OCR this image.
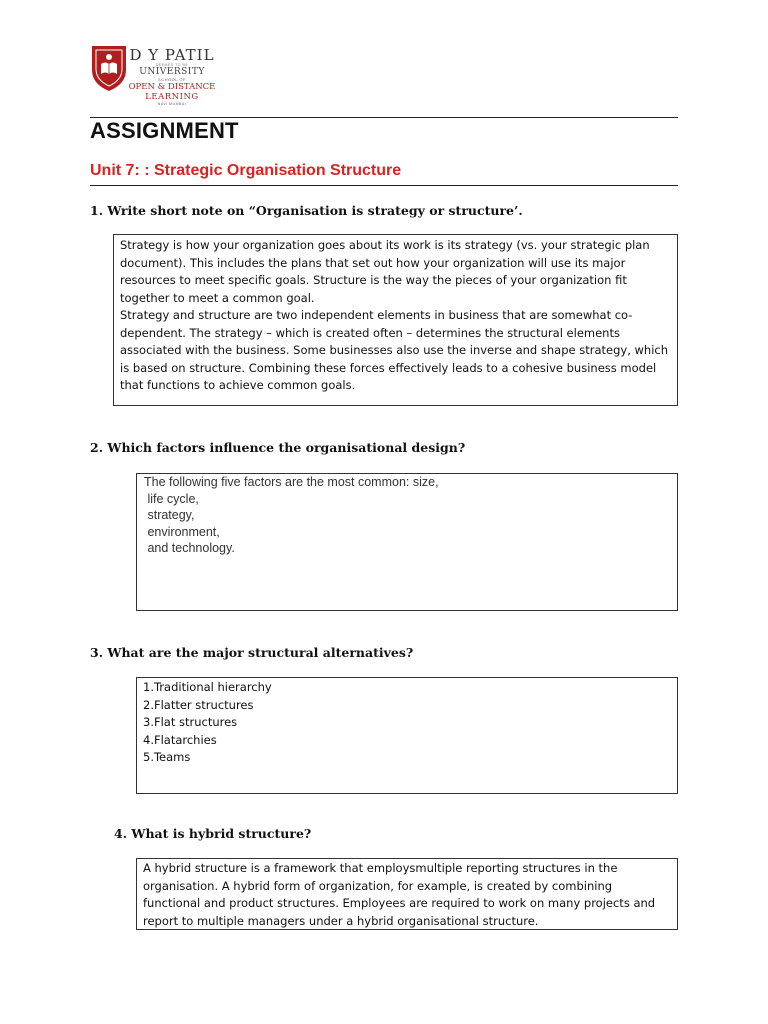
D Y PATIL
DEEMED TO BE
UNIVERSITY
SCHOOL OF
OPEN & DISTANCE
LEARNING
NAVI MUMBAI
ASSIGNMENT
Unit 7: : Strategic Organisation Structure

1. Write short note on “Organisation is strategy or structure’.

Strategy is how your organization goes about its work is its strategy (vs. your strategic plan document). This includes the plans that set out how your organization will use its major resources to meet specific goals. Structure is the way the pieces of your organization fit together to meet a common goal.

Strategy and structure are two independent elements in business that are somewhat co-dependent. The strategy – which is created often – determines the structural elements associated with the business. Some businesses also use the inverse and shape strategy, which is based on structure. Combining these forces effectively leads to a cohesive business model that functions to achieve common goals.

2. Which factors influence the organisational design?

The following five factors are the most common: size,

life cycle,

strategy,

environment,

and technology.

3. What are the major structural alternatives?

1.Traditional hierarchy

2.Flatter structures

3.Flat structures

4.Flatarchies

5.Teams

4. What is hybrid structure?

A hybrid structure is a framework that employsmultiple reporting structures in the organisation. A hybrid form of organization, for example, is created by combining functional and product structures. Employees are required to work on many projects and report to multiple managers under a hybrid organisational structure.
